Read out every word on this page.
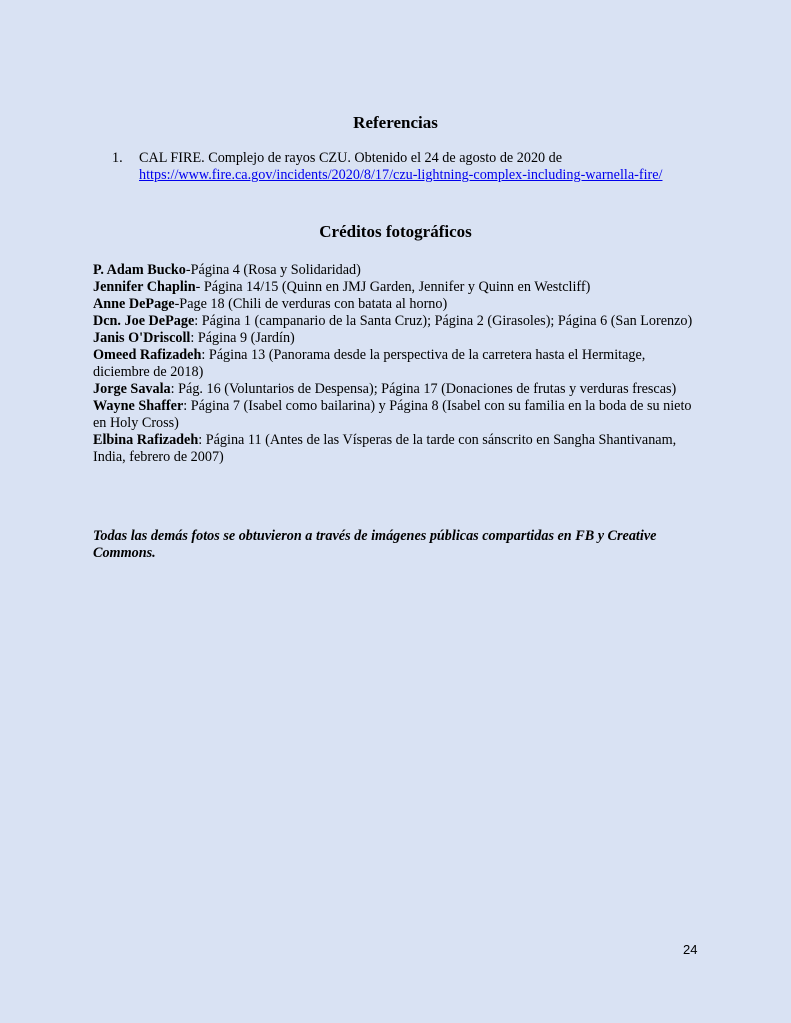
Referencias
1. CAL FIRE. Complejo de rayos CZU. Obtenido el 24 de agosto de 2020 de https://www.fire.ca.gov/incidents/2020/8/17/czu-lightning-complex-including-warnella-fire/
Créditos fotográficos

P. Adam Bucko-Página 4 (Rosa y Solidaridad)

Jennifer Chaplin- Página 14/15 (Quinn en JMJ Garden, Jennifer y Quinn en Westcliff)

Anne DePage-Page 18 (Chili de verduras con batata al horno)

Dcn. Joe DePage: Página 1 (campanario de la Santa Cruz); Página 2 (Girasoles); Página 6 (San Lorenzo)

Janis O'Driscoll: Página 9 (Jardín)

Omeed Rafizadeh: Página 13 (Panorama desde la perspectiva de la carretera hasta el Hermitage, diciembre de 2018)

Jorge Savala: Pág. 16 (Voluntarios de Despensa); Página 17 (Donaciones de frutas y verduras frescas)

Wayne Shaffer: Página 7 (Isabel como bailarina) y Página 8 (Isabel con su familia en la boda de su nieto en Holy Cross)

Elbina Rafizadeh: Página 11 (Antes de las Vísperas de la tarde con sánscrito en Sangha Shantivanam, India, febrero de 2007)

Todas las demás fotos se obtuvieron a través de imágenes públicas compartidas en FB y Creative Commons.

24
